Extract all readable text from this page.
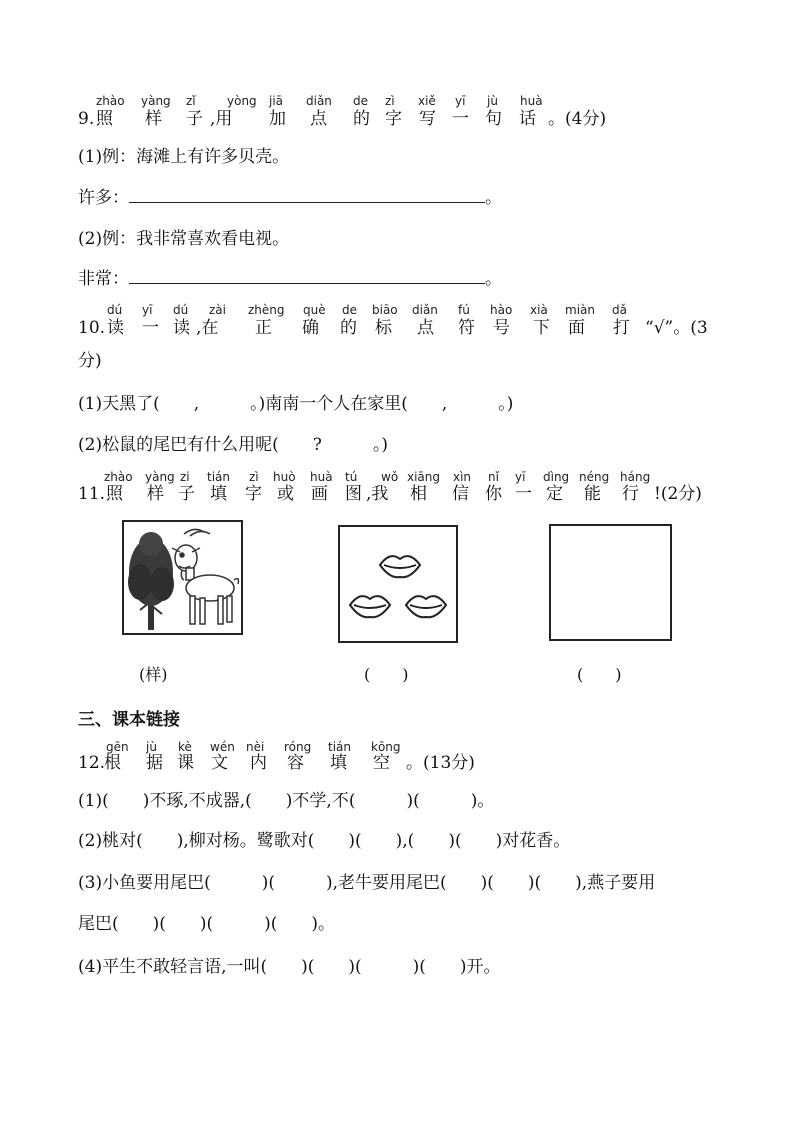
zhào yàng zǐ	yòng jiā diǎn de zì xiě yī jù huà
9. 照 样 子 ,用 加 点 的 字 写 一 句 话 。(4分)
(1)例：海滩上有许多贝壳。
许多：	。
(2)例：我非常喜欢看电视。
非常：	。
dú yī dú zài zhèng què de biāo diǎn fú hào xià miàn dǎ
10. 读 一 读 ,在 正 确 的 标 点 符 号 下 面 打 “√”。(3
分)
(1)天黑了(　　,　　　。)南南一个人在家里(　　,　　　。)
(2)松鼠的尾巴有什么用呢(　　?　　　。)
zhào yàng zi tián zì huò huà tú wǒ xiāng xìn nǐ yī dìng néng háng
11. 照 样 子 填 字 或 画 图 ,我 相 信 你 一 定 能 行 !(2分)
(样)	(　　)	(　　)
三、课本链接
gēn jù kè wén nèi róng tián kōng
12.
根 据 课 文 内 容 填 空 。(13分)
(1)(　　)不琢,不成器,(　　)不学,不(　　　)(　　　)。
(2)桃对(　　),柳对杨。鹭歌对(　　)(　　),(　　)(　　)对花香。
(3)小鱼要用尾巴(　　　)(　　　),老牛要用尾巴(　　)(　　)(　　),燕子要用
尾巴(　　)(　　)(　　　)(　　)。
(4)平生不敢轻言语,一叫(　　)(　　)(　　　)(　　)开。
